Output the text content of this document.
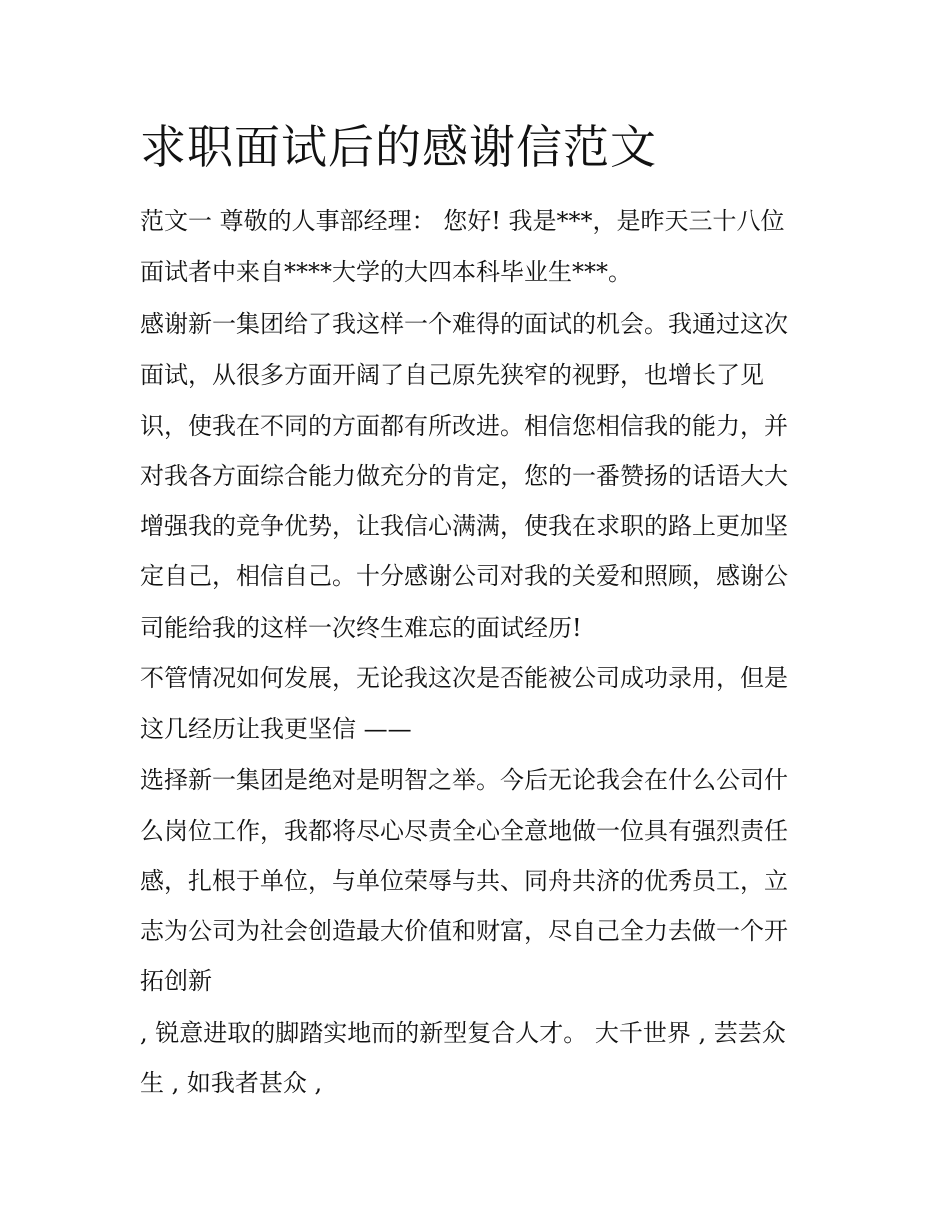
求职面试后的感谢信范文

范文一 尊敬的人事部经理： 您好! 我是***，是昨天三十八位

面试者中来自****大学的大四本科毕业生***。

感谢新一集团给了我这样一个难得的面试的机会。我通过这次

面试，从很多方面开阔了自己原先狭窄的视野，也增长了见

识，使我在不同的方面都有所改进。相信您相信我的能力，并

对我各方面综合能力做充分的肯定，您的一番赞扬的话语大大

增强我的竞争优势，让我信心满满，使我在求职的路上更加坚

定自己，相信自己。十分感谢公司对我的关爱和照顾，感谢公

司能给我的这样一次终生难忘的面试经历!

不管情况如何发展，无论我这次是否能被公司成功录用，但是

这几经历让我更坚信 ——

选择新一集团是绝对是明智之举。今后无论我会在什么公司什

么岗位工作，我都将尽心尽责全心全意地做一位具有强烈责任

感，扎根于单位，与单位荣辱与共、同舟共济的优秀员工，立

志为公司为社会创造最大价值和财富，尽自己全力去做一个开

拓创新

, 锐意进取的脚踏实地而的新型复合人才。 大千世界 , 芸芸众

生 , 如我者甚众 ,
